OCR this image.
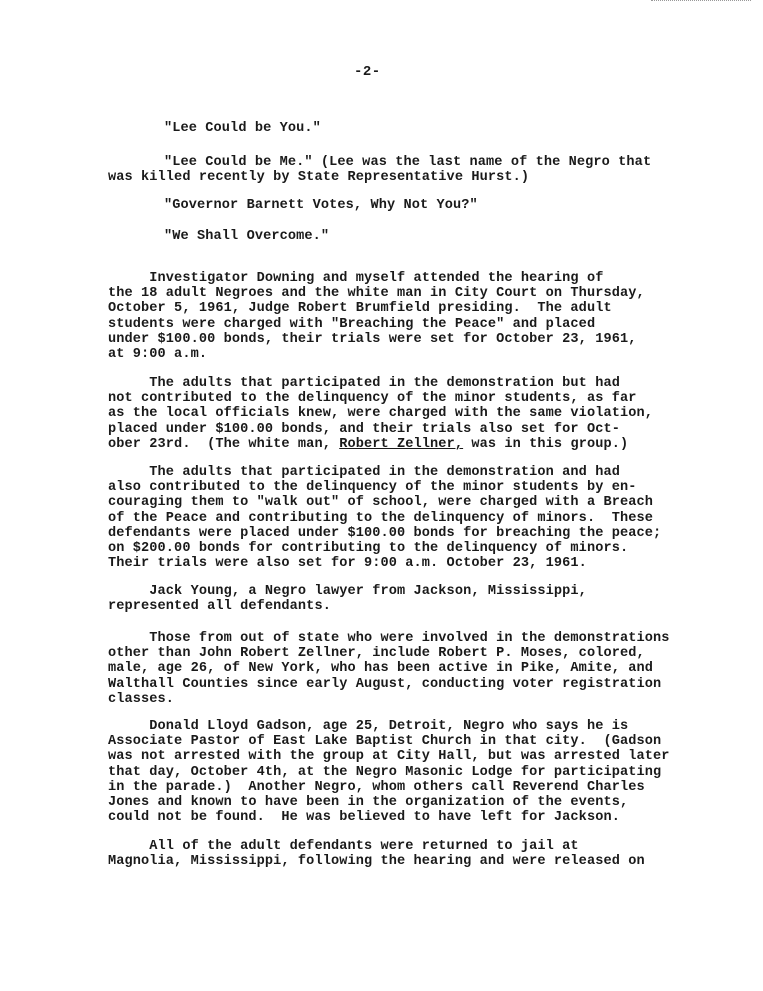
-2-

"Lee Could be You."

"Lee Could be Me." (Lee was the last name of the Negro that
was killed recently by State Representative Hurst.)

"Governor Barnett Votes, Why Not You?"

"We Shall Overcome."

Investigator Downing and myself attended the hearing of
the 18 adult Negroes and the white man in City Court on Thursday,
October 5, 1961, Judge Robert Brumfield presiding.  The adult
students were charged with "Breaching the Peace" and placed
under $100.00 bonds, their trials were set for October 23, 1961,
at 9:00 a.m.

The adults that participated in the demonstration but had
not contributed to the delinquency of the minor students, as far
as the local officials knew, were charged with the same violation,
placed under $100.00 bonds, and their trials also set for Oct-
ober 23rd.  (The white man, Robert Zellner, was in this group.)

The adults that participated in the demonstration and had
also contributed to the delinquency of the minor students by en-
couraging them to "walk out" of school, were charged with a Breach
of the Peace and contributing to the delinquency of minors.  These
defendants were placed under $100.00 bonds for breaching the peace;
on $200.00 bonds for contributing to the delinquency of minors.
Their trials were also set for 9:00 a.m. October 23, 1961.

Jack Young, a Negro lawyer from Jackson, Mississippi,
represented all defendants.

Those from out of state who were involved in the demonstrations
other than John Robert Zellner, include Robert P. Moses, colored,
male, age 26, of New York, who has been active in Pike, Amite, and
Walthall Counties since early August, conducting voter registration
classes.

Donald Lloyd Gadson, age 25, Detroit, Negro who says he is
Associate Pastor of East Lake Baptist Church in that city.  (Gadson
was not arrested with the group at City Hall, but was arrested later
that day, October 4th, at the Negro Masonic Lodge for participating
in the parade.)  Another Negro, whom others call Reverend Charles
Jones and known to have been in the organization of the events,
could not be found.  He was believed to have left for Jackson.

All of the adult defendants were returned to jail at
Magnolia, Mississippi, following the hearing and were released on
